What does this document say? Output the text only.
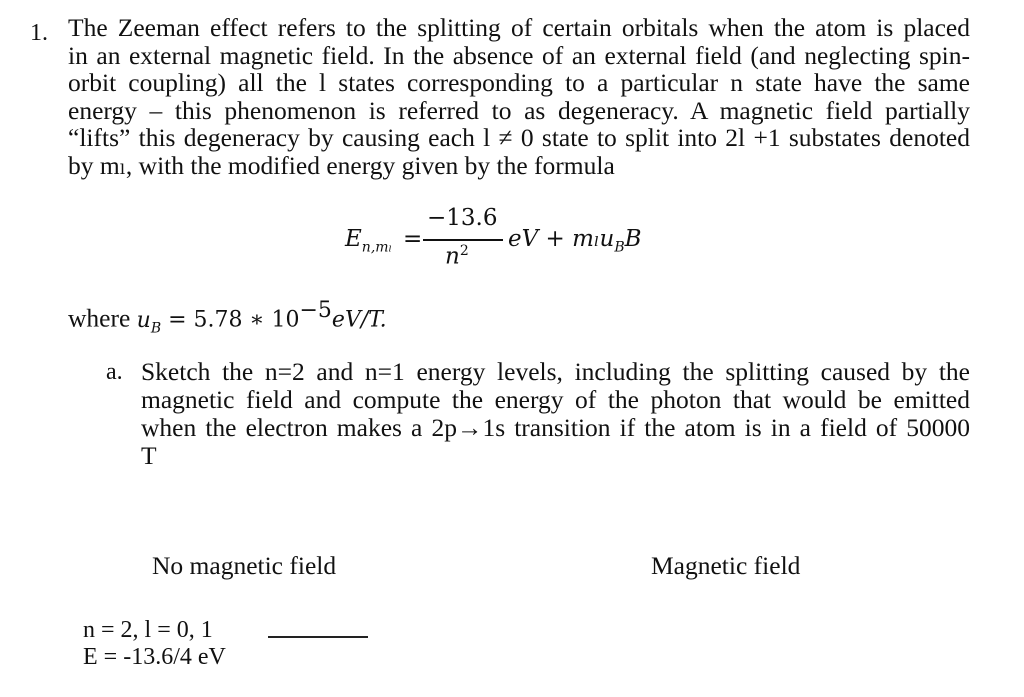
1. The Zeeman effect refers to the splitting of certain orbitals when the atom is placed
in an external magnetic field. In the absence of an external field (and neglecting spin-
orbit coupling) all the l states corresponding to a particular n state have the same
energy – this phenomenon is referred to as degeneracy. A magnetic field partially
“lifts” this degeneracy by causing each l ≠ 0 state to split into 2l +1 substates denoted
by mₗ, with the modified energy given by the formula
$E_{n,m_l}$ =
−13.6
$n^2$ eV + mₗu$_B$B
where $u_B = 5.78$ ∗ $10^{-5}eV/T$.
a. Sketch the n=2 and n=1 energy levels, including the splitting caused by the
magnetic field and compute the energy of the photon that would be emitted
when the electron makes a 2p→1s transition if the atom is in a field of 50000
T
No magnetic field	Magnetic field
n = 2, l = 0, 1
E = -13.6/4 eV
